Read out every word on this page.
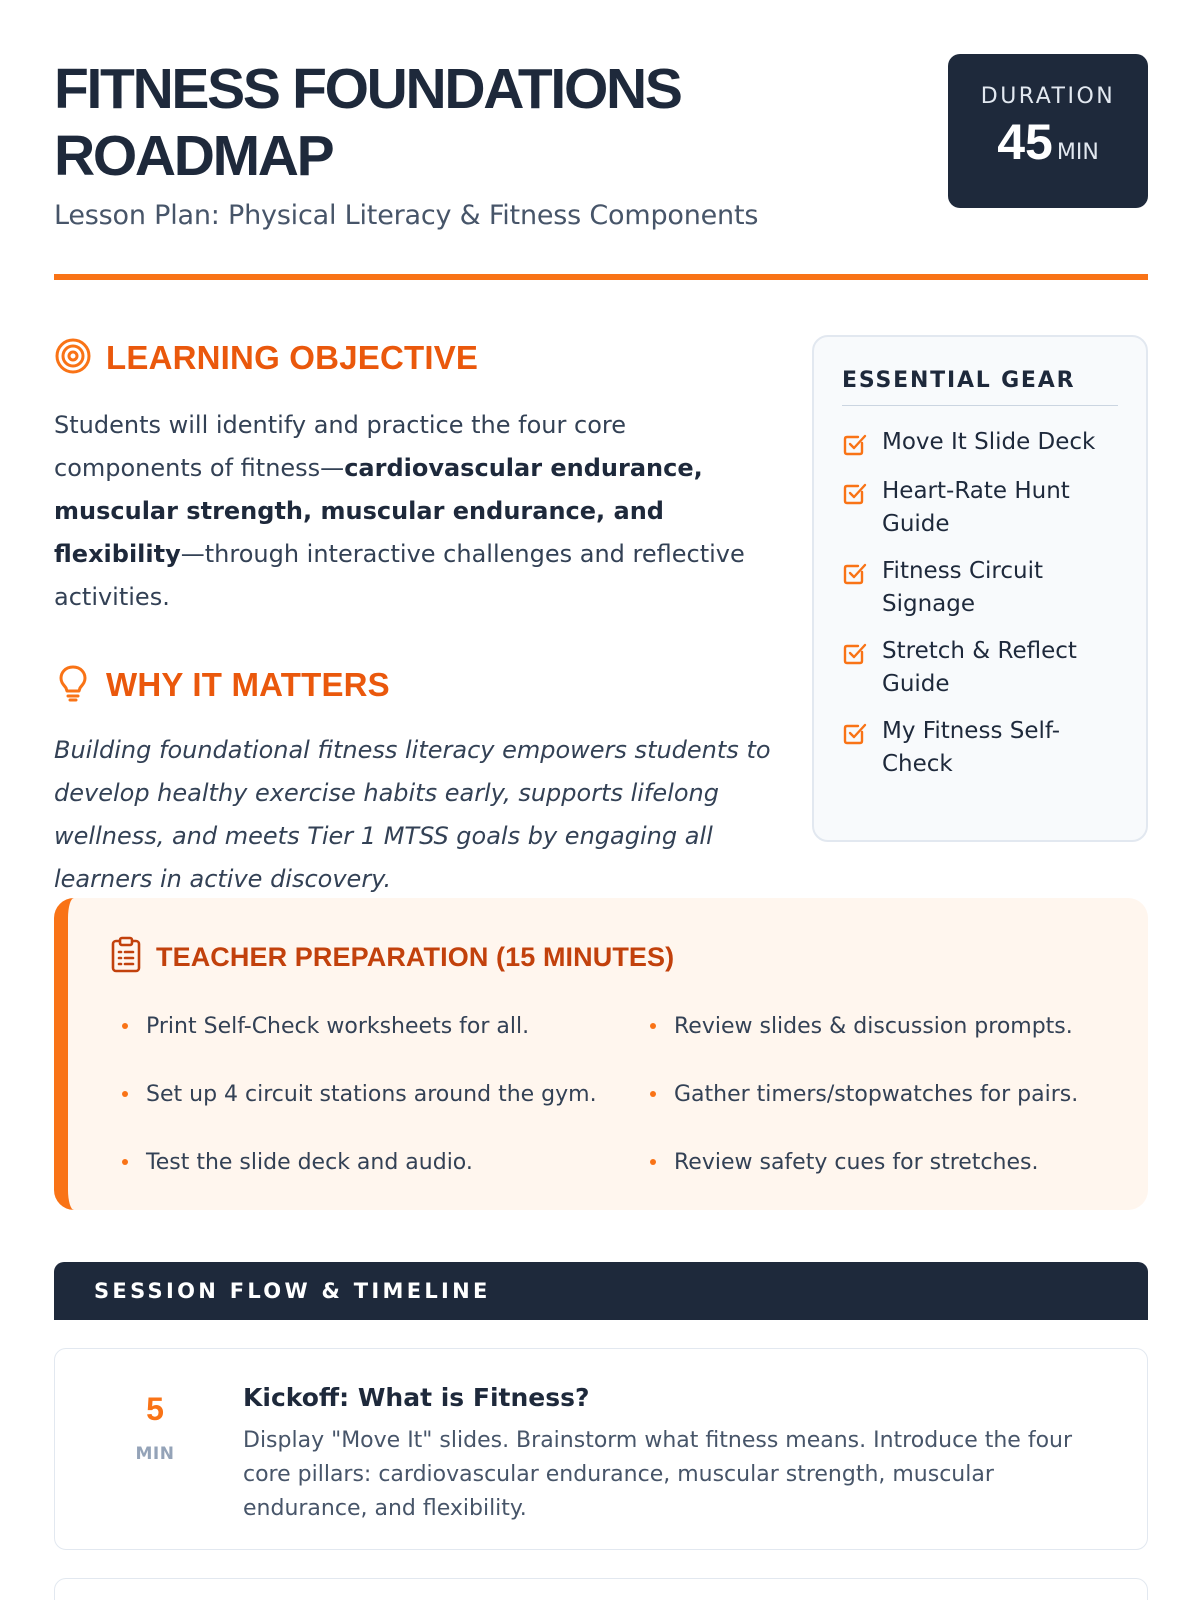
FITNESS FOUNDATIONS ROADMAP
Lesson Plan: Physical Literacy & Fitness Components
DURATION
45 MIN
LEARNING OBJECTIVE

Students will identify and practice the four core components of fitness—cardiovascular endurance, muscular strength, muscular endurance, and flexibility—through interactive challenges and reflective activities.

WHY IT MATTERS

Building foundational fitness literacy empowers students to develop healthy exercise habits early, supports lifelong wellness, and meets Tier 1 MTSS goals by engaging all learners in active discovery.

ESSENTIAL GEAR
Move It Slide Deck
Heart-Rate Hunt Guide
Fitness Circuit Signage
Stretch & Reflect Guide
My Fitness Self-Check
TEACHER PREPARATION (15 MINUTES)
Print Self-Check worksheets for all.	Review slides & discussion prompts.
Set up 4 circuit stations around the gym.	Gather timers/stopwatches for pairs.
Test the slide deck and audio.	Review safety cues for stretches.
SESSION FLOW & TIMELINE
5
MIN
Kickoff: What is Fitness?
Display "Move It" slides. Brainstorm what fitness means. Introduce the four core pillars: cardiovascular endurance, muscular strength, muscular endurance, and flexibility.
